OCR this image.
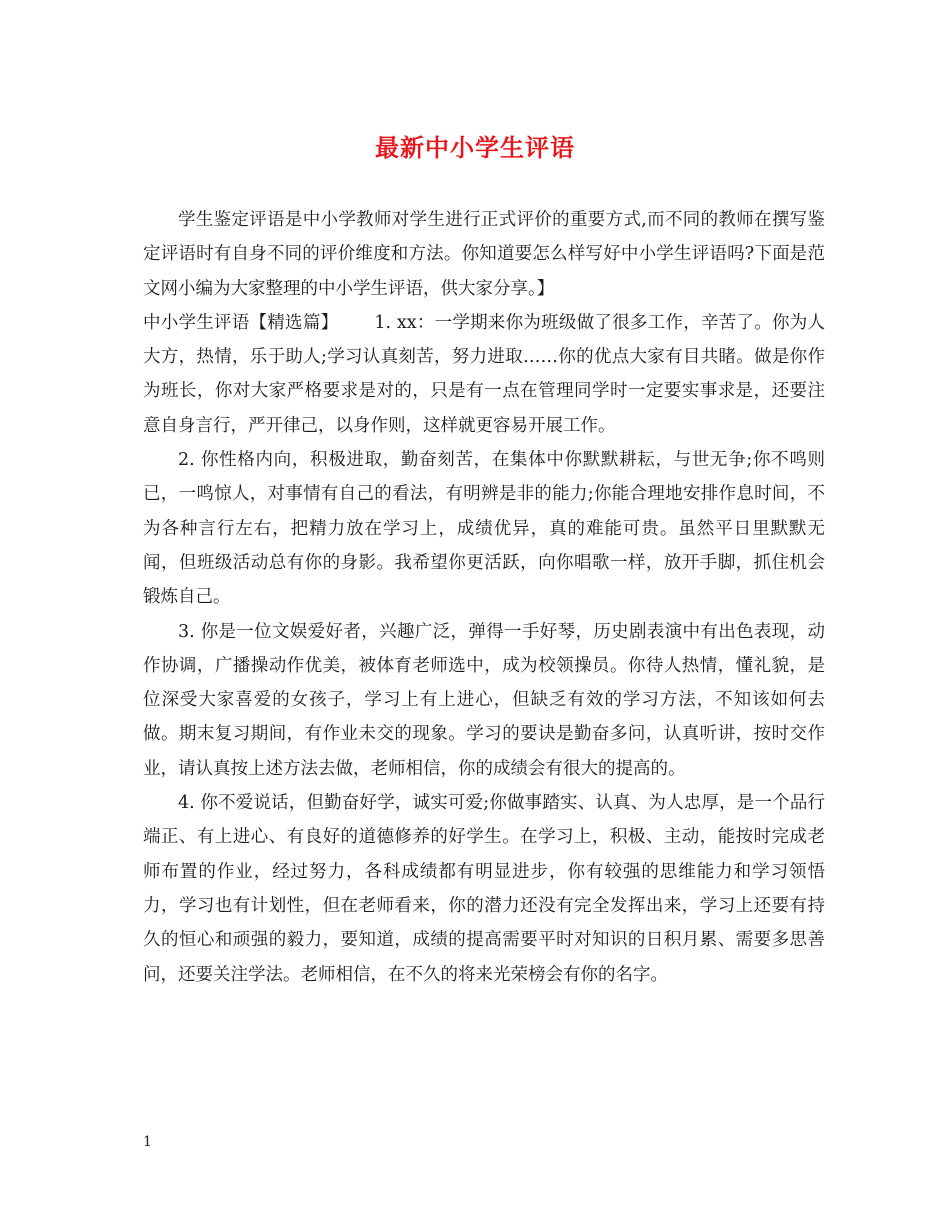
最新中小学生评语

学生鉴定评语是中小学教师对学生进行正式评价的重要方式,而不同的教师在撰写鉴定评语时有自身不同的评价维度和方法。你知道要怎么样写好中小学生评语吗?下面是范文网小编为大家整理的中小学生评语，供大家分享。】

中小学生评语【精选篇】 1. xx：一学期来你为班级做了很多工作，辛苦了。你为人大方，热情，乐于助人;学习认真刻苦，努力进取……你的优点大家有目共睹。做是你作为班长，你对大家严格要求是对的，只是有一点在管理同学时一定要实事求是，还要注意自身言行，严开律己，以身作则，这样就更容易开展工作。

2. 你性格内向，积极进取，勤奋刻苦，在集体中你默默耕耘，与世无争;你不鸣则已，一鸣惊人，对事情有自己的看法，有明辨是非的能力;你能合理地安排作息时间，不为各种言行左右，把精力放在学习上，成绩优异，真的难能可贵。虽然平日里默默无闻，但班级活动总有你的身影。我希望你更活跃，向你唱歌一样，放开手脚，抓住机会锻炼自己。

3. 你是一位文娱爱好者，兴趣广泛，弹得一手好琴，历史剧表演中有出色表现，动作协调，广播操动作优美，被体育老师选中，成为校领操员。你待人热情，懂礼貌，是位深受大家喜爱的女孩子，学习上有上进心，但缺乏有效的学习方法，不知该如何去做。期末复习期间，有作业未交的现象。学习的要诀是勤奋多问，认真听讲，按时交作业，请认真按上述方法去做，老师相信，你的成绩会有很大的提高的。

4. 你不爱说话，但勤奋好学，诚实可爱;你做事踏实、认真、为人忠厚，是一个品行端正、有上进心、有良好的道德修养的好学生。在学习上，积极、主动，能按时完成老师布置的作业，经过努力，各科成绩都有明显进步，你有较强的思维能力和学习领悟力，学习也有计划性，但在老师看来，你的潜力还没有完全发挥出来，学习上还要有持久的恒心和顽强的毅力，要知道，成绩的提高需要平时对知识的日积月累、需要多思善问，还要关注学法。老师相信，在不久的将来光荣榜会有你的名字。

1
